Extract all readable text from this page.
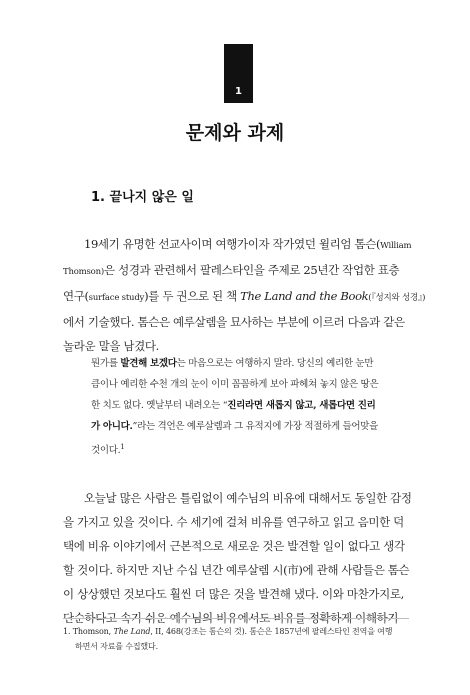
1
문제와 과제
1. 끝나지 않은 일
19세기 유명한 선교사이며 여행가이자 작가였던 윌리엄 톰슨(William
Thomson)은 성경과 관련해서 팔레스타인을 주제로 25년간 작업한 표층
연구(surface study)를 두 권으로 된 책 The Land and the Book(『성지와 성경』)
에서 기술했다. 톰슨은 예루살렘을 묘사하는 부분에 이르러 다음과 같은
놀라운 말을 남겼다.
뭔가를 발견해 보겠다는 마음으로는 여행하지 말라. 당신의 예리한 눈만
큼이나 예리한 수천 개의 눈이 이미 꼼꼼하게 보아 파헤쳐 놓지 않은 땅은
한 치도 없다. 옛날부터 내려오는 “진리라면 새롭지 않고, 새롭다면 진리
가 아니다.”라는 격언은 예루살렘과 그 유적지에 가장 적절하게 들어맞을
것이다.$^1$
오늘날 많은 사람은 틀림없이 예수님의 비유에 대해서도 동일한 감정
을 가지고 있을 것이다. 수 세기에 걸쳐 비유를 연구하고 읽고 음미한 덕
택에 비유 이야기에서 근본적으로 새로운 것은 발견할 일이 없다고 생각
할 것이다. 하지만 지난 수십 년간 예루살렘 시(市)에 관해 사람들은 톰슨
이 상상했던 것보다도 훨씬 더 많은 것을 발견해 냈다. 이와 마찬가지로,
단순하다고 속기 쉬운 예수님의 비유에서도 비유를 정확하게 이해하기
1. Thomson, The Land, II, 468(강조는 톰슨의 것). 톰슨은 1857년에 팔레스타인 전역을 여행
하면서 자료를 수집했다.
